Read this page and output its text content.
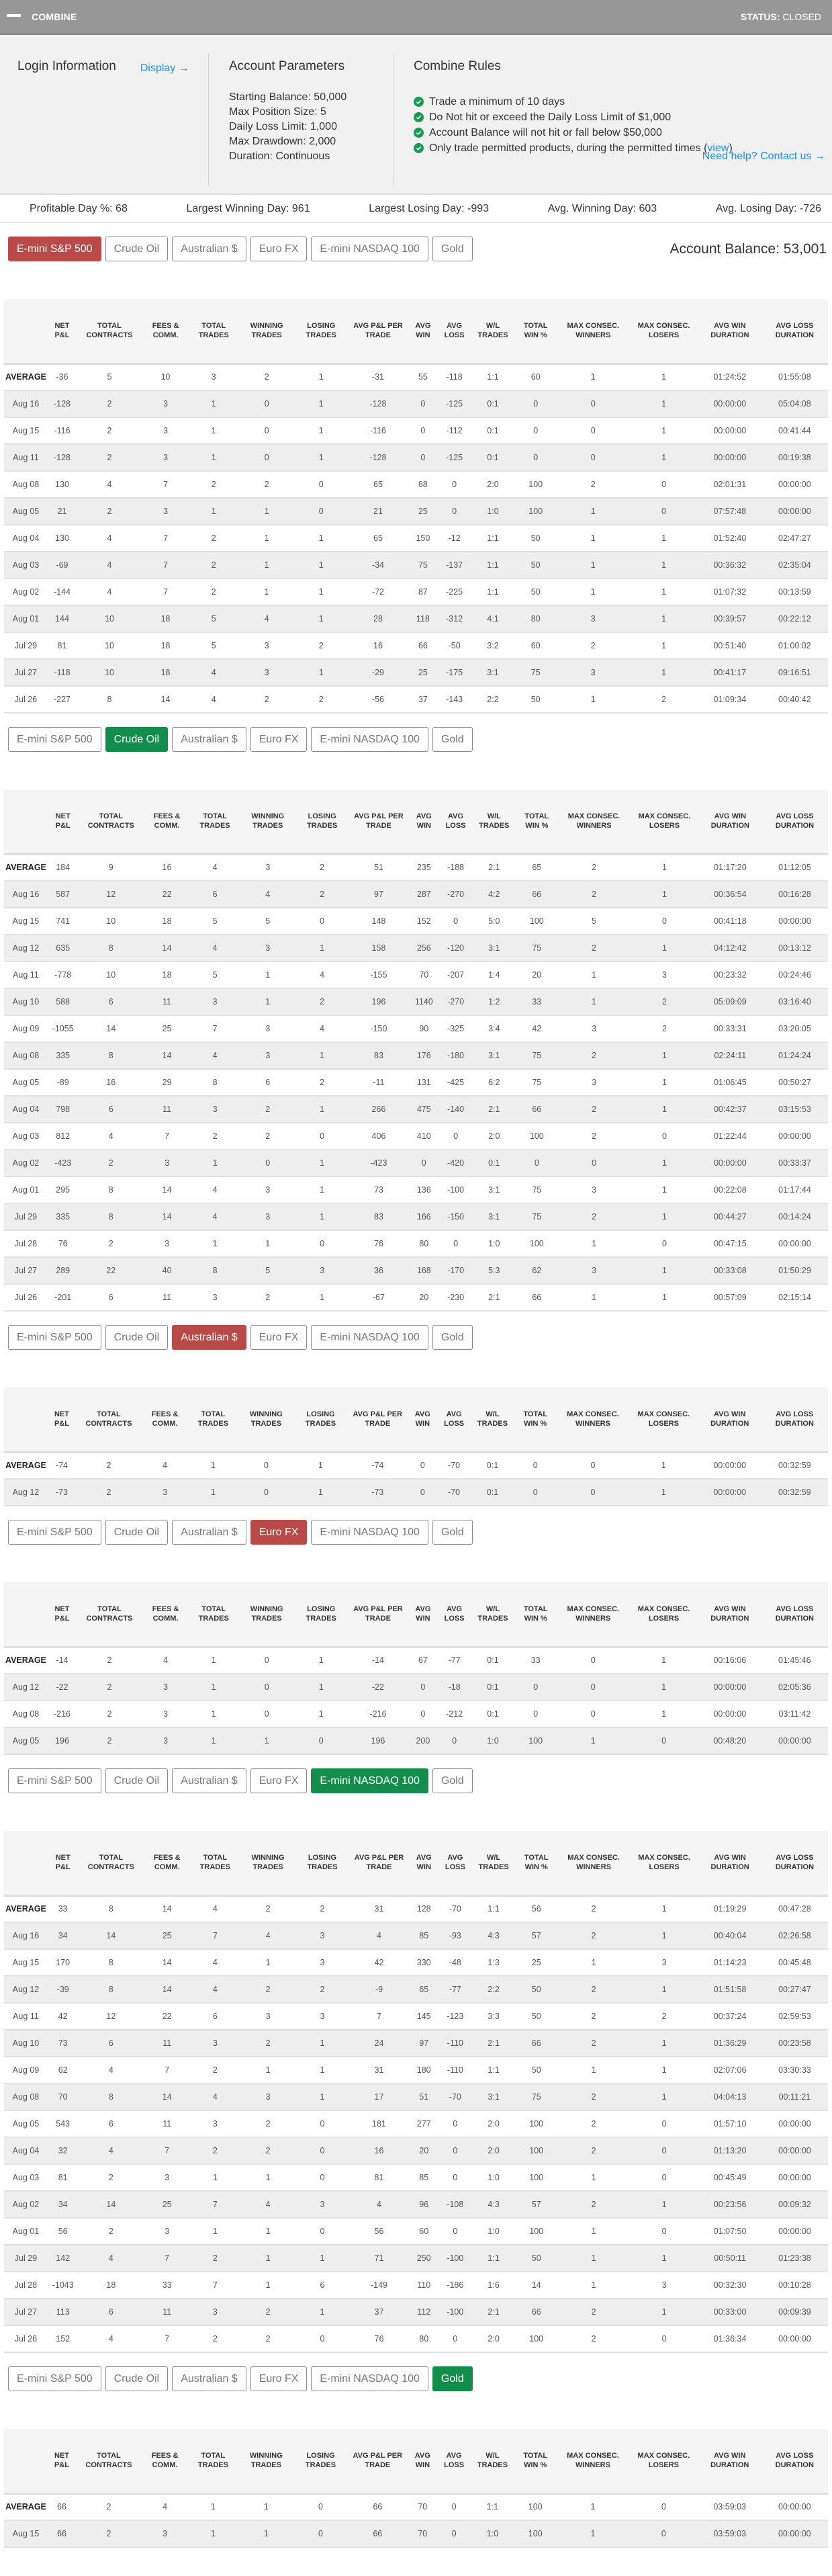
COMBINE	STATUS: CLOSED
Login Information Display →	Account Parameters
Starting Balance: 50,000
Max Position Size: 5
Daily Loss Limit: 1,000
Max Drawdown: 2,000
Duration: Continuous
Combine Rules
Trade a minimum of 10 days
Do Not hit or exceed the Daily Loss Limit of $1,000
Account Balance will not hit or fall below $50,000
Only trade permitted products, during the permitted times ( view )
Need help? Contact us →
Profitable Day %: 68	Largest Winning Day: 961	Largest Losing Day: -993	Avg. Winning Day: 603	Avg. Losing Day: -726
E-mini S&P 500	Crude Oil	Australian $	Euro FX	E-mini NASDAQ 100	Gold	Account Balance: 53,001
	NET P&L	TOTAL CONTRACTS	FEES & COMM.	TOTAL TRADES	WINNING TRADES	LOSING TRADES	AVG P&L PER TRADE	AVG WIN	AVG LOSS	W/L TRADES	TOTAL WIN %	MAX CONSEC. WINNERS	MAX CONSEC. LOSERS	AVG WIN DURATION	AVG LOSS DURATION
AVERAGE	-36	5	10	3	2	1	-31	55	-118	1:1	60	1	1	01:24:52	01:55:08
Aug 16	-128	2	3	1	0	1	-128	0	-125	0:1	0	0	1	00:00:00	05:04:08
Aug 15	-116	2	3	1	0	1	-116	0	-112	0:1	0	0	1	00:00:00	00:41:44
Aug 11	-128	2	3	1	0	1	-128	0	-125	0:1	0	0	1	00:00:00	00:19:38
Aug 08	130	4	7	2	2	0	65	68	0	2:0	100	2	0	02:01:31	00:00:00
Aug 05	21	2	3	1	1	0	21	25	0	1:0	100	1	0	07:57:48	00:00:00
Aug 04	130	4	7	2	1	1	65	150	-12	1:1	50	1	1	01:52:40	02:47:27
Aug 03	-69	4	7	2	1	1	-34	75	-137	1:1	50	1	1	00:36:32	02:35:04
Aug 02	-144	4	7	2	1	1	-72	87	-225	1:1	50	1	1	01:07:32	00:13:59
Aug 01	144	10	18	5	4	1	28	118	-312	4:1	80	3	1	00:39:57	00:22:12
Jul 29	81	10	18	5	3	2	16	66	-50	3:2	60	2	1	00:51:40	01:00:02
Jul 27	-118	10	18	4	3	1	-29	25	-175	3:1	75	3	1	00:41:17	09:16:51
Jul 26	-227	8	14	4	2	2	-56	37	-143	2:2	50	1	2	01:09:34	00:40:42
E-mini S&P 500	Crude Oil	Australian $	Euro FX	E-mini NASDAQ 100	Gold
	NET P&L	TOTAL CONTRACTS	FEES & COMM.	TOTAL TRADES	WINNING TRADES	LOSING TRADES	AVG P&L PER TRADE	AVG WIN	AVG LOSS	W/L TRADES	TOTAL WIN %	MAX CONSEC. WINNERS	MAX CONSEC. LOSERS	AVG WIN DURATION	AVG LOSS DURATION
AVERAGE	184	9	16	4	3	2	51	235	-188	2:1	65	2	1	01:17:20	01:12:05
Aug 16	587	12	22	6	4	2	97	287	-270	4:2	66	2	1	00:36:54	00:16:28
Aug 15	741	10	18	5	5	0	148	152	0	5:0	100	5	0	00:41:18	00:00:00
Aug 12	635	8	14	4	3	1	158	256	-120	3:1	75	2	1	04:12:42	00:13:12
Aug 11	-778	10	18	5	1	4	-155	70	-207	1:4	20	1	3	00:23:32	00:24:46
Aug 10	588	6	11	3	1	2	196	1140	-270	1:2	33	1	2	05:09:09	03:16:40
Aug 09	-1055	14	25	7	3	4	-150	90	-325	3:4	42	3	2	00:33:31	03:20:05
Aug 08	335	8	14	4	3	1	83	176	-180	3:1	75	2	1	02:24:11	01:24:24
Aug 05	-89	16	29	8	6	2	-11	131	-425	6:2	75	3	1	01:06:45	00:50:27
Aug 04	798	6	11	3	2	1	266	475	-140	2:1	66	2	1	00:42:37	03:15:53
Aug 03	812	4	7	2	2	0	406	410	0	2:0	100	2	0	01:22:44	00:00:00
Aug 02	-423	2	3	1	0	1	-423	0	-420	0:1	0	0	1	00:00:00	00:33:37
Aug 01	295	8	14	4	3	1	73	136	-100	3:1	75	3	1	00:22:08	01:17:44
Jul 29	335	8	14	4	3	1	83	166	-150	3:1	75	2	1	00:44:27	00:14:24
Jul 28	76	2	3	1	1	0	76	80	0	1:0	100	1	0	00:47:15	00:00:00
Jul 27	289	22	40	8	5	3	36	168	-170	5:3	62	3	1	00:33:08	01:50:29
Jul 26	-201	6	11	3	2	1	-67	20	-230	2:1	66	1	1	00:57:09	02:15:14
E-mini S&P 500	Crude Oil	Australian $	Euro FX	E-mini NASDAQ 100	Gold
	NET P&L	TOTAL CONTRACTS	FEES & COMM.	TOTAL TRADES	WINNING TRADES	LOSING TRADES	AVG P&L PER TRADE	AVG WIN	AVG LOSS	W/L TRADES	TOTAL WIN %	MAX CONSEC. WINNERS	MAX CONSEC. LOSERS	AVG WIN DURATION	AVG LOSS DURATION
AVERAGE	-74	2	4	1	0	1	-74	0	-70	0:1	0	0	1	00:00:00	00:32:59
Aug 12	-73	2	3	1	0	1	-73	0	-70	0:1	0	0	1	00:00:00	00:32:59
E-mini S&P 500	Crude Oil	Australian $	Euro FX	E-mini NASDAQ 100	Gold
	NET P&L	TOTAL CONTRACTS	FEES & COMM.	TOTAL TRADES	WINNING TRADES	LOSING TRADES	AVG P&L PER TRADE	AVG WIN	AVG LOSS	W/L TRADES	TOTAL WIN %	MAX CONSEC. WINNERS	MAX CONSEC. LOSERS	AVG WIN DURATION	AVG LOSS DURATION
AVERAGE	-14	2	4	1	0	1	-14	67	-77	0:1	33	0	1	00:16:06	01:45:46
Aug 12	-22	2	3	1	0	1	-22	0	-18	0:1	0	0	1	00:00:00	02:05:36
Aug 08	-216	2	3	1	0	1	-216	0	-212	0:1	0	0	1	00:00:00	03:11:42
Aug 05	196	2	3	1	1	0	196	200	0	1:0	100	1	0	00:48:20	00:00:00
E-mini S&P 500	Crude Oil	Australian $	Euro FX	E-mini NASDAQ 100	Gold
	NET P&L	TOTAL CONTRACTS	FEES & COMM.	TOTAL TRADES	WINNING TRADES	LOSING TRADES	AVG P&L PER TRADE	AVG WIN	AVG LOSS	W/L TRADES	TOTAL WIN %	MAX CONSEC. WINNERS	MAX CONSEC. LOSERS	AVG WIN DURATION	AVG LOSS DURATION
AVERAGE	33	8	14	4	2	2	31	128	-70	1:1	56	2	1	01:19:29	00:47:28
Aug 16	34	14	25	7	4	3	4	85	-93	4:3	57	2	1	00:40:04	02:26:58
Aug 15	170	8	14	4	1	3	42	330	-48	1:3	25	1	3	01:14:23	00:45:48
Aug 12	-39	8	14	4	2	2	-9	65	-77	2:2	50	2	1	01:51:58	00:27:47
Aug 11	42	12	22	6	3	3	7	145	-123	3:3	50	2	2	00:37:24	02:59:53
Aug 10	73	6	11	3	2	1	24	97	-110	2:1	66	2	1	01:36:29	00:23:58
Aug 09	62	4	7	2	1	1	31	180	-110	1:1	50	1	1	02:07:06	03:30:33
Aug 08	70	8	14	4	3	1	17	51	-70	3:1	75	2	1	04:04:13	00:11:21
Aug 05	543	6	11	3	2	0	181	277	0	2:0	100	2	0	01:57:10	00:00:00
Aug 04	32	4	7	2	2	0	16	20	0	2:0	100	2	0	01:13:20	00:00:00
Aug 03	81	2	3	1	1	0	81	85	0	1:0	100	1	0	00:45:49	00:00:00
Aug 02	34	14	25	7	4	3	4	96	-108	4:3	57	2	1	00:23:56	00:09:32
Aug 01	56	2	3	1	1	0	56	60	0	1:0	100	1	0	01:07:50	00:00:00
Jul 29	142	4	7	2	1	1	71	250	-100	1:1	50	1	1	00:50:11	01:23:38
Jul 28	-1043	18	33	7	1	6	-149	110	-186	1:6	14	1	3	00:32:30	00:10:28
Jul 27	113	6	11	3	2	1	37	112	-100	2:1	66	2	1	00:33:00	00:09:39
Jul 26	152	4	7	2	2	0	76	80	0	2:0	100	2	0	01:36:34	00:00:00
E-mini S&P 500	Crude Oil	Australian $	Euro FX	E-mini NASDAQ 100	Gold
	NET P&L	TOTAL CONTRACTS	FEES & COMM.	TOTAL TRADES	WINNING TRADES	LOSING TRADES	AVG P&L PER TRADE	AVG WIN	AVG LOSS	W/L TRADES	TOTAL WIN %	MAX CONSEC. WINNERS	MAX CONSEC. LOSERS	AVG WIN DURATION	AVG LOSS DURATION
AVERAGE	66	2	4	1	1	0	66	70	0	1:1	100	1	0	03:59:03	00:00:00
Aug 15	66	2	3	1	1	0	66	70	0	1:0	100	1	0	03:59:03	00:00:00
